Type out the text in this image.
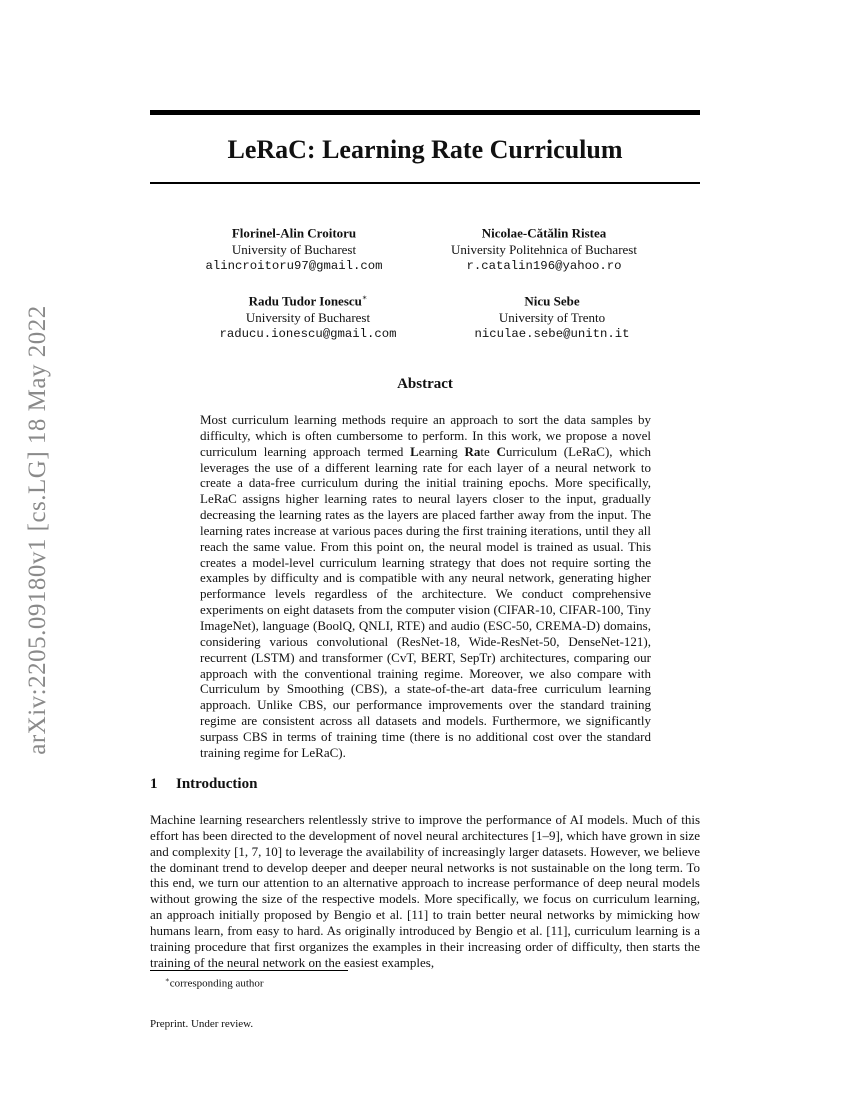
arXiv:2205.09180v1 [cs.LG] 18 May 2022
LeRaC: Learning Rate Curriculum
Florinel-Alin Croitoru
University of Bucharest
alincroitoru97@gmail.com
Nicolae-Cătălin Ristea
University Politehnica of Bucharest
r.catalin196@yahoo.ro
Radu Tudor Ionescu∗
University of Bucharest
raducu.ionescu@gmail.com
Nicu Sebe
University of Trento
niculae.sebe@unitn.it
Abstract

Most curriculum learning methods require an approach to sort the data samples by difficulty, which is often cumbersome to perform. In this work, we propose a novel curriculum learning approach termed Learning Rate Curriculum (LeRaC), which leverages the use of a different learning rate for each layer of a neural network to create a data-free curriculum during the initial training epochs. More specifically, LeRaC assigns higher learning rates to neural layers closer to the input, gradually decreasing the learning rates as the layers are placed farther away from the input. The learning rates increase at various paces during the first training iterations, until they all reach the same value. From this point on, the neural model is trained as usual. This creates a model-level curriculum learning strategy that does not require sorting the examples by difficulty and is compatible with any neural network, generating higher performance levels regardless of the architecture. We conduct comprehensive experiments on eight datasets from the computer vision (CIFAR-10, CIFAR-100, Tiny ImageNet), language (BoolQ, QNLI, RTE) and audio (ESC-50, CREMA-D) domains, considering various convolutional (ResNet-18, Wide-ResNet-50, DenseNet-121), recurrent (LSTM) and transformer (CvT, BERT, SepTr) architectures, comparing our approach with the conventional training regime. Moreover, we also compare with Curriculum by Smoothing (CBS), a state-of-the-art data-free curriculum learning approach. Unlike CBS, our performance improvements over the standard training regime are consistent across all datasets and models. Furthermore, we significantly surpass CBS in terms of training time (there is no additional cost over the standard training regime for LeRaC).

1 Introduction

Machine learning researchers relentlessly strive to improve the performance of AI models. Much of this effort has been directed to the development of novel neural architectures [1–9], which have grown in size and complexity [1, 7, 10] to leverage the availability of increasingly larger datasets. However, we believe the dominant trend to develop deeper and deeper neural networks is not sustainable on the long term. To this end, we turn our attention to an alternative approach to increase performance of deep neural models without growing the size of the respective models. More specifically, we focus on curriculum learning, an approach initially proposed by Bengio et al. [11] to train better neural networks by mimicking how humans learn, from easy to hard. As originally introduced by Bengio et al. [11], curriculum learning is a training procedure that first organizes the examples in their increasing order of difficulty, then starts the training of the neural network on the easiest examples,

∗corresponding author
Preprint. Under review.
